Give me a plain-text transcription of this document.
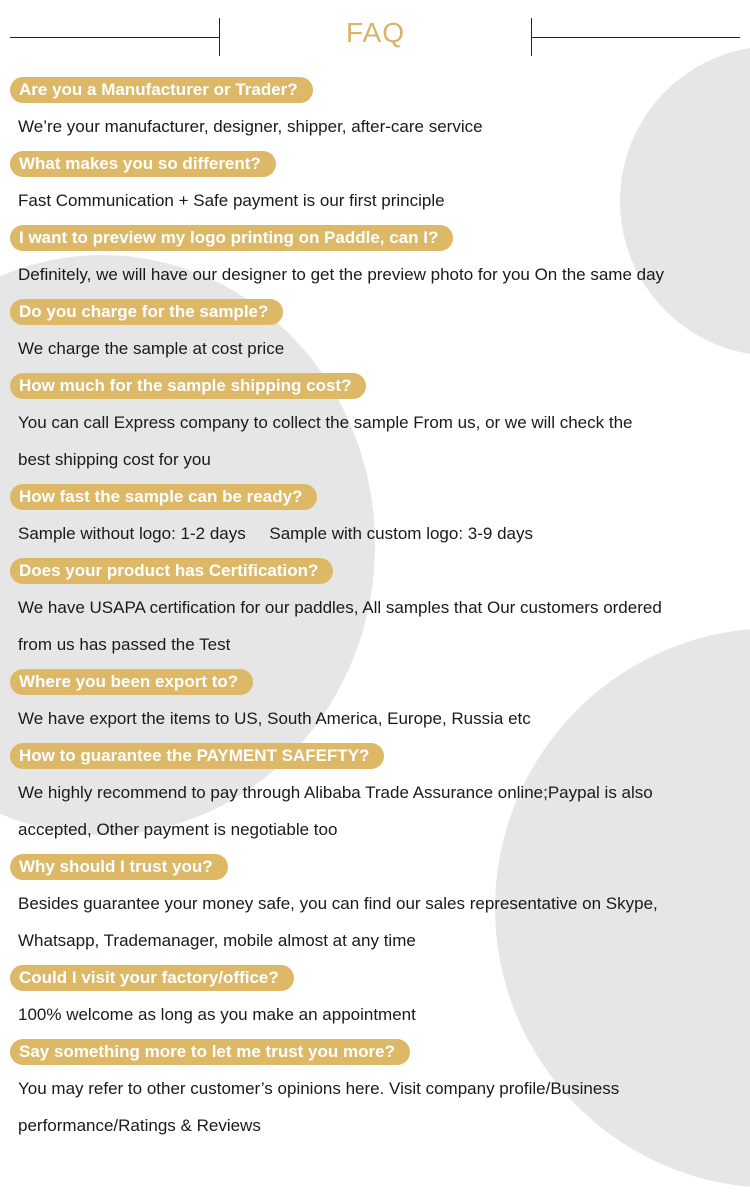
FAQ
Are you a Manufacturer or Trader?
We’re your manufacturer, designer, shipper, after-care service
What makes you so different?
Fast Communication + Safe payment is our first principle
I want to preview my logo printing on Paddle, can I?
Definitely, we will have our designer to get the preview photo for you On the same day
Do you charge for the sample?
We charge the sample at cost price
How much for the sample shipping cost?
You can call Express company to collect the sample From us, or we will check the
best shipping cost for you
How fast the sample can be ready?
Sample without logo: 1-2 days     Sample with custom logo: 3-9 days
Does your product has Certification?
We have USAPA certification for our paddles, All samples that Our customers ordered
from us has passed the Test
Where you been export to?
We have export the items to US, South America, Europe, Russia etc
How to guarantee the PAYMENT SAFEFTY?
We highly recommend to pay through Alibaba Trade Assurance online;Paypal is also
accepted, Other payment is negotiable too
Why should I trust you?
Besides guarantee your money safe, you can find our sales representative on Skype,
Whatsapp, Trademanager, mobile almost at any time
Could I visit your factory/office?
100% welcome as long as you make an appointment
Say something more to let me trust you more?
You may refer to other customer’s opinions here. Visit company profile/Business
performance/Ratings & Reviews
